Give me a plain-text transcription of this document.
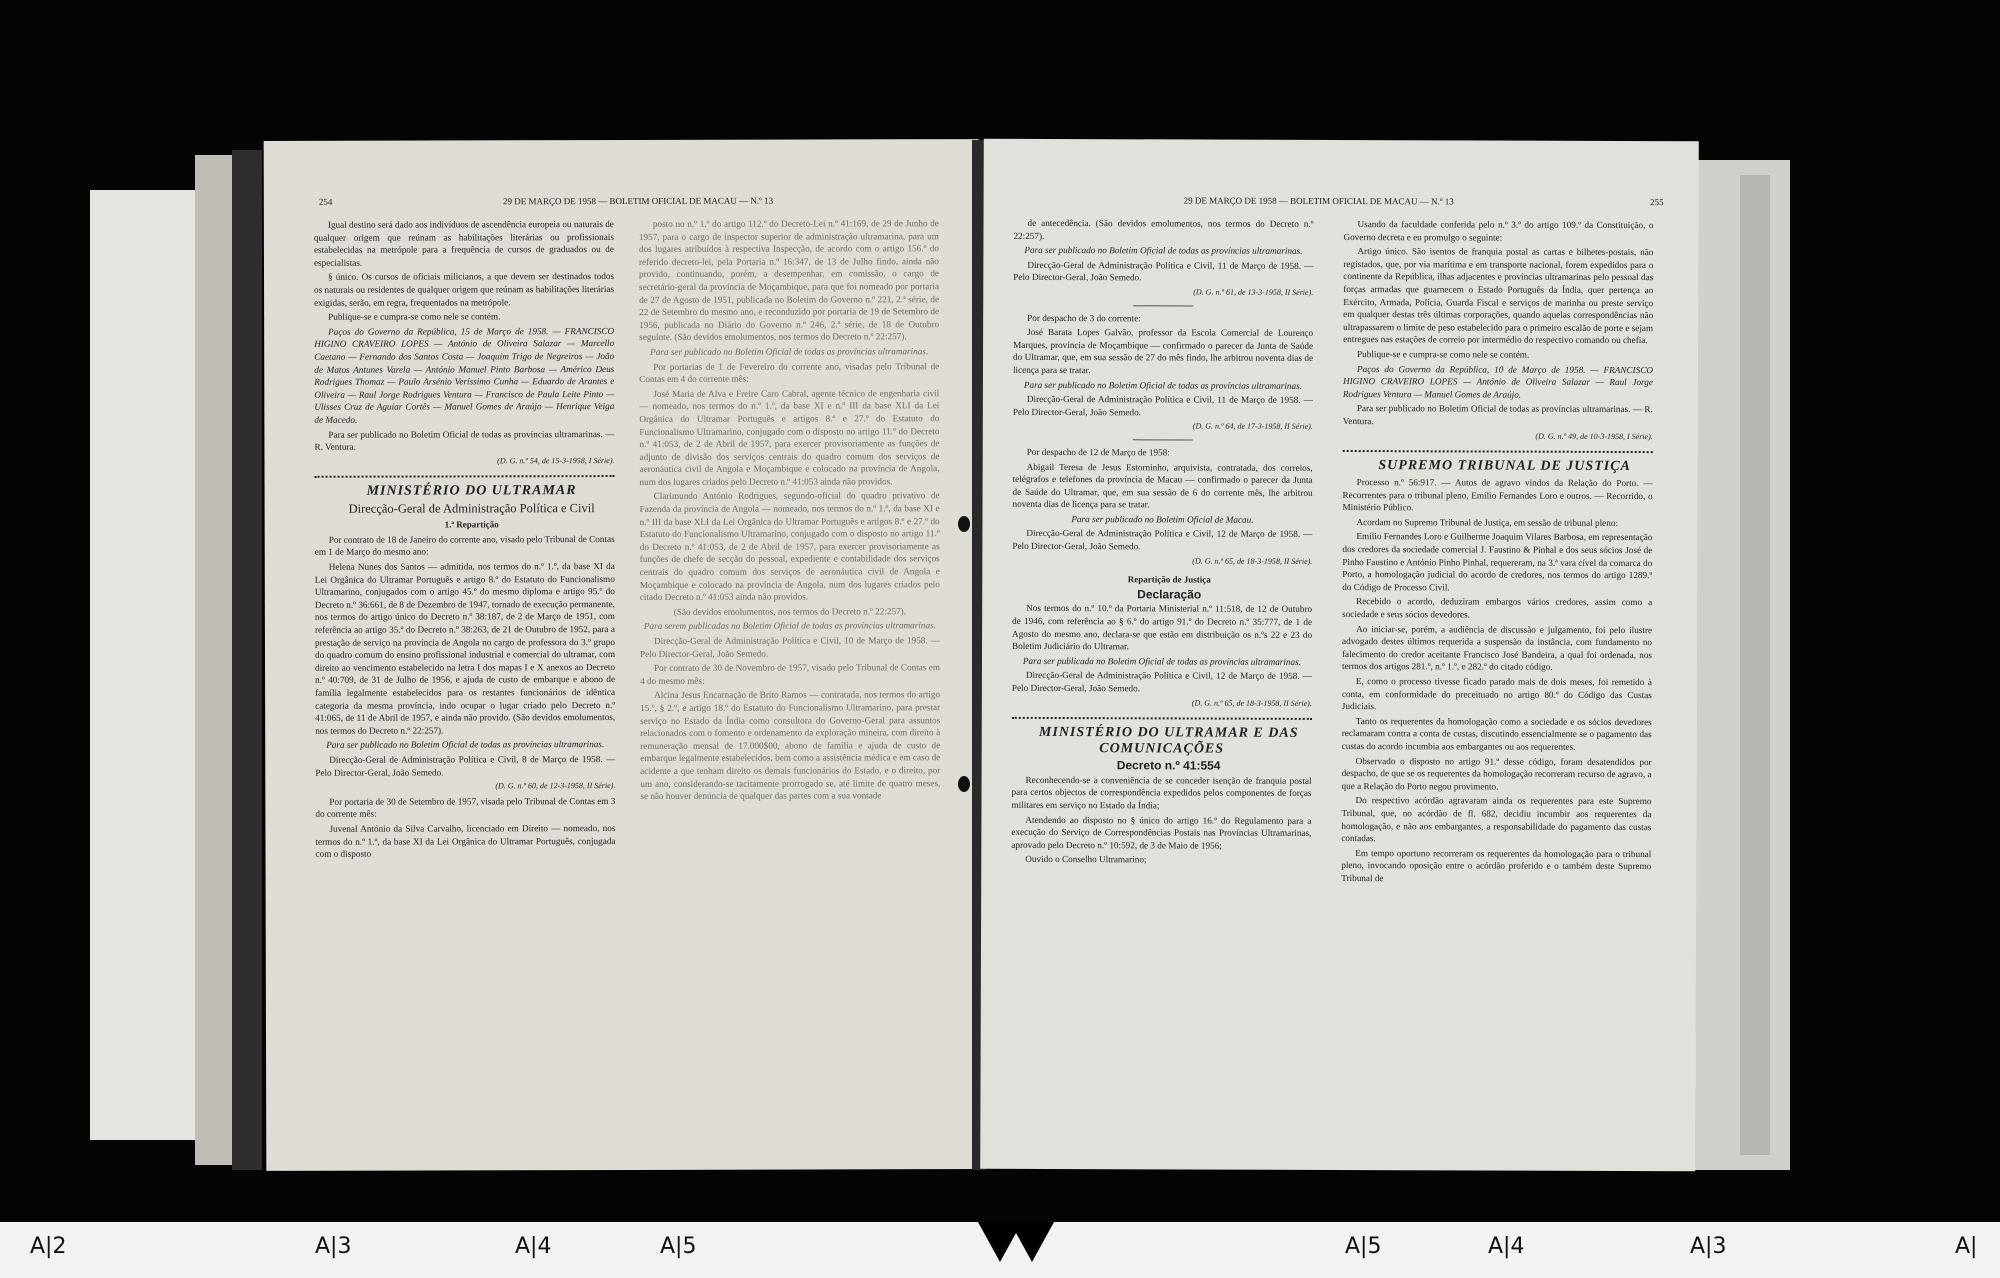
254	29 DE MARÇO DE 1958 — BOLETIM OFICIAL DE MACAU — N.º 13

Igual destino será dado aos indivíduos de ascendência europeia ou naturais de qualquer origem que reúnam as habilitações literárias ou profissionais estabelecidas na metrópole para a frequência de cursos de graduados ou de especialistas.

§ único. Os cursos de oficiais milicianos, a que devem ser destinados todos os naturais ou residentes de qualquer origem que reúnam as habilitações literárias exigidas, serão, em regra, frequentados na metrópole.

Publique-se e cumpra-se como nele se contém.

Paços do Governo da República, 15 de Março de 1958. — FRANCISCO HIGINO CRAVEIRO LOPES — António de Oliveira Salazar — Marcello Caetano — Fernando dos Santos Costa — Joaquim Trigo de Negreiros — João de Matos Antunes Varela — António Manuel Pinto Barbosa — Américo Deus Rodrigues Thomaz — Paulo Arsénio Veríssimo Cunha — Eduardo de Arantes e Oliveira — Raul Jorge Rodrigues Ventura — Francisco de Paula Leite Pinto — Ulisses Cruz de Aguiar Cortês — Manuel Gomes de Araújo — Henrique Veiga de Macedo.

Para ser publicado no Boletim Oficial de todas as províncias ultramarinas. — R. Ventura.

(D. G. n.º 54, de 15-3-1958, I Série).

MINISTÉRIO DO ULTRAMAR

Direcção-Geral de Administração Política e Civil

1.ª Repartição

Por contrato de 18 de Janeiro do corrente ano, visado pelo Tribunal de Contas em 1 de Março do mesmo ano:

Helena Nunes dos Santos — admitida, nos termos do n.º 1.º, da base XI da Lei Orgânica do Ultramar Português e artigo 8.º do Estatuto do Funcionalismo Ultramarino, conjugados com o artigo 45.º do mesmo diploma e artigo 95.º do Decreto n.º 36:661, de 8 de Dezembro de 1947, tornado de execução permanente, nos termos do artigo único do Decreto n.º 38:187, de 2 de Março de 1951, com referência ao artigo 35.º do Decreto n.º 38:263, de 21 de Outubro de 1952, para a prestação de serviço na província de Angola no cargo de professora do 3.º grupo do quadro comum do ensino profissional industrial e comercial do ultramar, com direito ao vencimento estabelecido na letra I dos mapas I e X anexos ao Decreto n.º 40:709, de 31 de Julho de 1956, e ajuda de custo de embarque e abono de família legalmente estabelecidos para os restantes funcionários de idêntica categoria da mesma província, indo ocupar o lugar criado pelo Decreto n.º 41:065, de 11 de Abril de 1957, e ainda não provido. (São devidos emolumentos, nos termos do Decreto n.º 22:257).

Para ser publicado no Boletim Oficial de todas as províncias ultramarinas.

Direcção-Geral de Administração Política e Civil, 8 de Março de 1958. — Pelo Director-Geral, João Semedo.

(D. G. n.º 60, de 12-3-1958, II Série).

Por portaria de 30 de Setembro de 1957, visada pelo Tribunal de Contas em 3 do corrente mês:

Juvenal António da Silva Carvalho, licenciado em Direito — nomeado, nos termos do n.º 1.º, da base XI da Lei Orgânica do Ultramar Português, conjugada com o disposto

posto no n.º 1.º do artigo 112.º do Decreto-Lei n.º 41:169, de 29 de Junho de 1957, para o cargo de inspector superior de administração ultramarina, para um dos lugares atribuídos à respectiva Inspecção, de acordo com o artigo 156.º do referido decreto-lei, pela Portaria n.º 16:347, de 13 de Julho findo, ainda não provido, continuando, porém, a desempenhar, em comissão, o cargo de secretário-geral da província de Moçambique, para que foi nomeado por portaria de 27 de Agosto de 1951, publicada no Boletim do Governo n.º 221, 2.ª série, de 22 de Setembro do mesmo ano, e reconduzido por portaria de 19 de Setembro de 1956, publicada no Diário do Governo n.º 246, 2.ª série, de 18 de Outubro seguinte. (São devidos emolumentos, nos termos do Decreto n.º 22:257).

Para ser publicado no Boletim Oficial de todas as províncias ultramarinas.

Por portarias de 1 de Fevereiro do corrente ano, visadas pelo Tribunal de Contas em 4 do corrente mês:

José Maria de Alva e Freire Caro Cabral, agente técnico de engenharia civil — nomeado, nos termos do n.º 1.º, da base XI e n.º III da base XLI da Lei Orgânica do Ultramar Português e artigos 8.º e 27.º do Estatuto do Funcionalismo Ultramarino, conjugado com o disposto no artigo 11.º do Decreto n.º 41:053, de 2 de Abril de 1957, para exercer provisoriamente as funções de adjunto de divisão dos serviços centrais do quadro comum dos serviços de aeronáutica civil de Angola e Moçambique e colocado na província de Angola, num dos lugares criados pelo Decreto n.º 41:053 ainda não providos.

Clarimundo António Rodrigues, segundo-oficial do quadro privativo de Fazenda da província de Angola — nomeado, nos termos do n.º 1.º, da base XI e n.º III da base XLI da Lei Orgânica do Ultramar Português e artigos 8.º e 27.º do Estatuto do Funcionalismo Ultramarino, conjugado com o disposto no artigo 11.º do Decreto n.º 41:053, de 2 de Abril de 1957, para exercer provisoriamente as funções de chefe de secção do pessoal, expediente e contabilidade dos serviços centrais do quadro comum dos serviços de aeronáutica civil de Angola e Moçambique e colocado na província de Angola, num dos lugares criados pelo citado Decreto n.º 41:053 ainda não providos.

(São devidos emolumentos, nos termos do Decreto n.º 22:257).

Para serem publicadas no Boletim Oficial de todas as províncias ultramarinas.

Direcção-Geral de Administração Política e Civil, 10 de Março de 1958. — Pelo Director-Geral, João Semedo.

Por contrato de 30 de Novembro de 1957, visado pelo Tribunal de Contas em 4 do mesmo mês:

Alcina Jesus Encarnação de Brito Ramos — contratada, nos termos do artigo 15.º, § 2.º, e artigo 18.º do Estatuto do Funcionalismo Ultramarino, para prestar serviço no Estado da Índia como consultora do Governo-Geral para assuntos relacionados com o fomento e ordenamento da exploração mineira, com direito à remuneração mensal de 17.000$00, abono de família e ajuda de custo de embarque legalmente estabelecidos, bem como a assistência médica e em caso de acidente a que tenham direito os demais funcionários do Estado, e o direito, por um ano, considerando-se tacitamente prorrogado se, até limite de quatro meses, se não houver denúncia de qualquer das partes com a sua vontade

29 DE MARÇO DE 1958 — BOLETIM OFICIAL DE MACAU — N.º 13	255

de antecedência. (São devidos emolumentos, nos termos do Decreto n.º 22:257).

Para ser publicado no Boletim Oficial de todas as províncias ultramarinas.

Direcção-Geral de Administração Política e Civil, 11 de Março de 1958. — Pelo Director-Geral, João Semedo.

(D. G. n.º 61, de 13-3-1958, II Série).

Por despacho de 3 do corrente:

José Barata Lopes Galvão, professor da Escola Comercial de Lourenço Marques, província de Moçambique — confirmado o parecer da Junta de Saúde do Ultramar, que, em sua sessão de 27 do mês findo, lhe arbitrou noventa dias de licença para se tratar.

Para ser publicado no Boletim Oficial de todas as províncias ultramarinas.

Direcção-Geral de Administração Política e Civil, 11 de Março de 1958. — Pelo Director-Geral, João Semedo.

(D. G. n.º 64, de 17-3-1958, II Série).

Por despacho de 12 de Março de 1958:

Abigail Teresa de Jesus Estorninho, arquivista, contratada, dos correios, telégrafos e telefones da província de Macau — confirmado o parecer da Junta de Saúde do Ultramar, que, em sua sessão de 6 do corrente mês, lhe arbitrou noventa dias de licença para se tratar.

Para ser publicado no Boletim Oficial de Macau.

Direcção-Geral de Administração Política e Civil, 12 de Março de 1958. — Pelo Director-Geral, João Semedo.

(D. G. n.º 65, de 18-3-1958, II Série).

Repartição de Justiça

Declaração

Nos termos do n.º 10.º da Portaria Ministerial n.º 11:518, de 12 de Outubro de 1946, com referência ao § 6.º do artigo 91.º do Decreto n.º 35:777, de 1 de Agosto do mesmo ano, declara-se que estão em distribuição os n.ºs 22 e 23 do Boletim Judiciário do Ultramar.

Para ser publicada no Boletim Oficial de todas as províncias ultramarinas.

Direcção-Geral de Administração Política e Civil, 12 de Março de 1958. — Pelo Director-Geral, João Semedo.

(D. G. n.º 65, de 18-3-1958, II Série).

MINISTÉRIO DO ULTRAMAR E DAS COMUNICAÇÕES

Decreto n.º 41:554

Reconhecendo-se a conveniência de se conceder isenção de franquia postal para certos objectos de correspondência expedidos pelos componentes de forças militares em serviço no Estado da Índia;

Atendendo ao disposto no § único do artigo 16.º do Regulamento para a execução do Serviço de Correspondências Postais nas Províncias Ultramarinas, aprovado pelo Decreto n.º 10:592, de 3 de Maio de 1956;

Ouvido o Conselho Ultramarino;

Usando da faculdade conferida pelo n.º 3.º do artigo 109.º da Constituição, o Governo decreta e eu promulgo o seguinte:

Artigo único. São isentos de franquia postal as cartas e bilhetes-postais, não registados, que, por via marítima e em transporte nacional, forem expedidos para o continente da República, ilhas adjacentes e províncias ultramarinas pelo pessoal das forças armadas que guarnecem o Estado Português da Índia, quer pertença ao Exército, Armada, Polícia, Guarda Fiscal e serviços de marinha ou preste serviço em qualquer destas três últimas corporações, quando aquelas correspondências não ultrapassarem o limite de peso estabelecido para o primeiro escalão de porte e sejam entregues nas estações de correio por intermédio do respectivo comando ou chefia.

Publique-se e cumpra-se como nele se contém.

Paços do Governo da República, 10 de Março de 1958. — FRANCISCO HIGINO CRAVEIRO LOPES — António de Oliveira Salazar — Raul Jorge Rodrigues Ventura — Manuel Gomes de Araújo.

Para ser publicado no Boletim Oficial de todas as províncias ultramarinas. — R. Ventura.

(D. G. n.º 49, de 10-3-1958, I Série).

SUPREMO TRIBUNAL DE JUSTIÇA

Processo n.º 56:917. — Autos de agravo vindos da Relação do Porto. — Recorrentes para o tribunal pleno, Emílio Fernandes Loro e outros. — Recorrido, o Ministério Público.

Acordam no Supremo Tribunal de Justiça, em sessão de tribunal pleno:

Emílio Fernandes Loro e Guilherme Joaquim Vilares Barbosa, em representação dos credores da sociedade comercial J. Faustino & Pinhal e dos seus sócios José de Pinho Faustino e António Pinho Pinhal, requereram, na 3.ª vara cível da comarca do Porto, a homologação judicial do acordo de credores, nos termos do artigo 1289.º do Código de Processo Civil.

Recebido o acordo, deduziram embargos vários credores, assim como a sociedade e seus sócios devedores.

Ao iniciar-se, porém, a audiência de discussão e julgamento, foi pelo ilustre advogado destes últimos requerida a suspensão da instância, com fundamento no falecimento do credor aceitante Francisco José Bandeira, a qual foi ordenada, nos termos dos artigos 281.º, n.º 1.º, e 282.º do citado código.

E, como o processo tivesse ficado parado mais de dois meses, foi remetido à conta, em conformidade do preceituado no artigo 80.º do Código das Custas Judiciais.

Tanto os requerentes da homologação como a sociedade e os sócios devedores reclamaram contra a conta de custas, discutindo essencialmente se o pagamento das custas do acordo incumbia aos embargantes ou aos requerentes.

Observado o disposto no artigo 91.º desse código, foram desatendidos por despacho, de que se os requerentes da homologação recorreram recurso de agravo, a que a Relação do Porto negou provimento.

Do respectivo acórdão agravaram ainda os requerentes para este Supremo Tribunal, que, no acórdão de fl. 682, decidiu incumbir aos requerentes da homologação, e não aos embargantes, a responsabilidade do pagamento das custas contadas.

Em tempo oportuno recorreram os requerentes da homologação para o tribunal pleno, invocando oposição entre o acórdão proferido e o também deste Supremo Tribunal de

A|2	A|3	A|4	A|5	A|5	A|4	A|3	A|
